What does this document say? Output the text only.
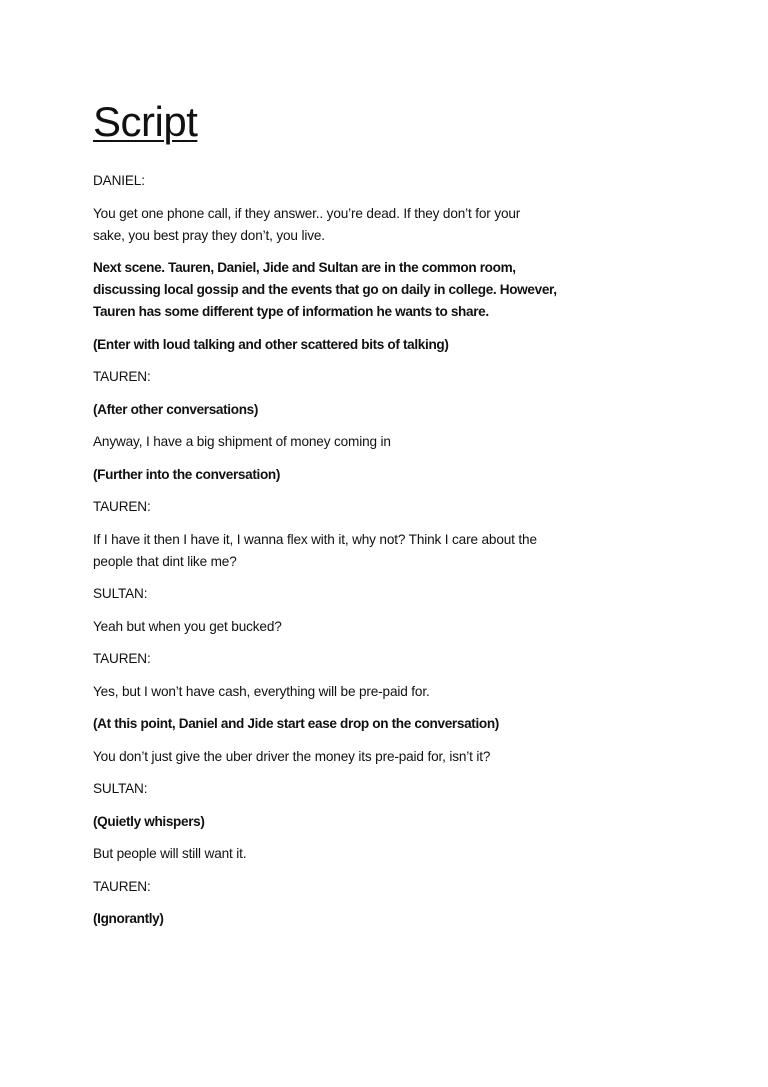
Script

DANIEL:

You get one phone call, if they answer.. you’re dead. If they don’t for your
sake, you best pray they don’t, you live.

Next scene. Tauren, Daniel, Jide and Sultan are in the common room,
discussing local gossip and the events that go on daily in college. However,
Tauren has some different type of information he wants to share.

(Enter with loud talking and other scattered bits of talking)

TAUREN:

(After other conversations)

Anyway, I have a big shipment of money coming in

(Further into the conversation)

TAUREN:

If I have it then I have it, I wanna flex with it, why not? Think I care about the
people that dint like me?

SULTAN:

Yeah but when you get bucked?

TAUREN:

Yes, but I won’t have cash, everything will be pre-paid for.

(At this point, Daniel and Jide start ease drop on the conversation)

You don’t just give the uber driver the money its pre-paid for, isn’t it?

SULTAN:

(Quietly whispers)

But people will still want it.

TAUREN:

(Ignorantly)
